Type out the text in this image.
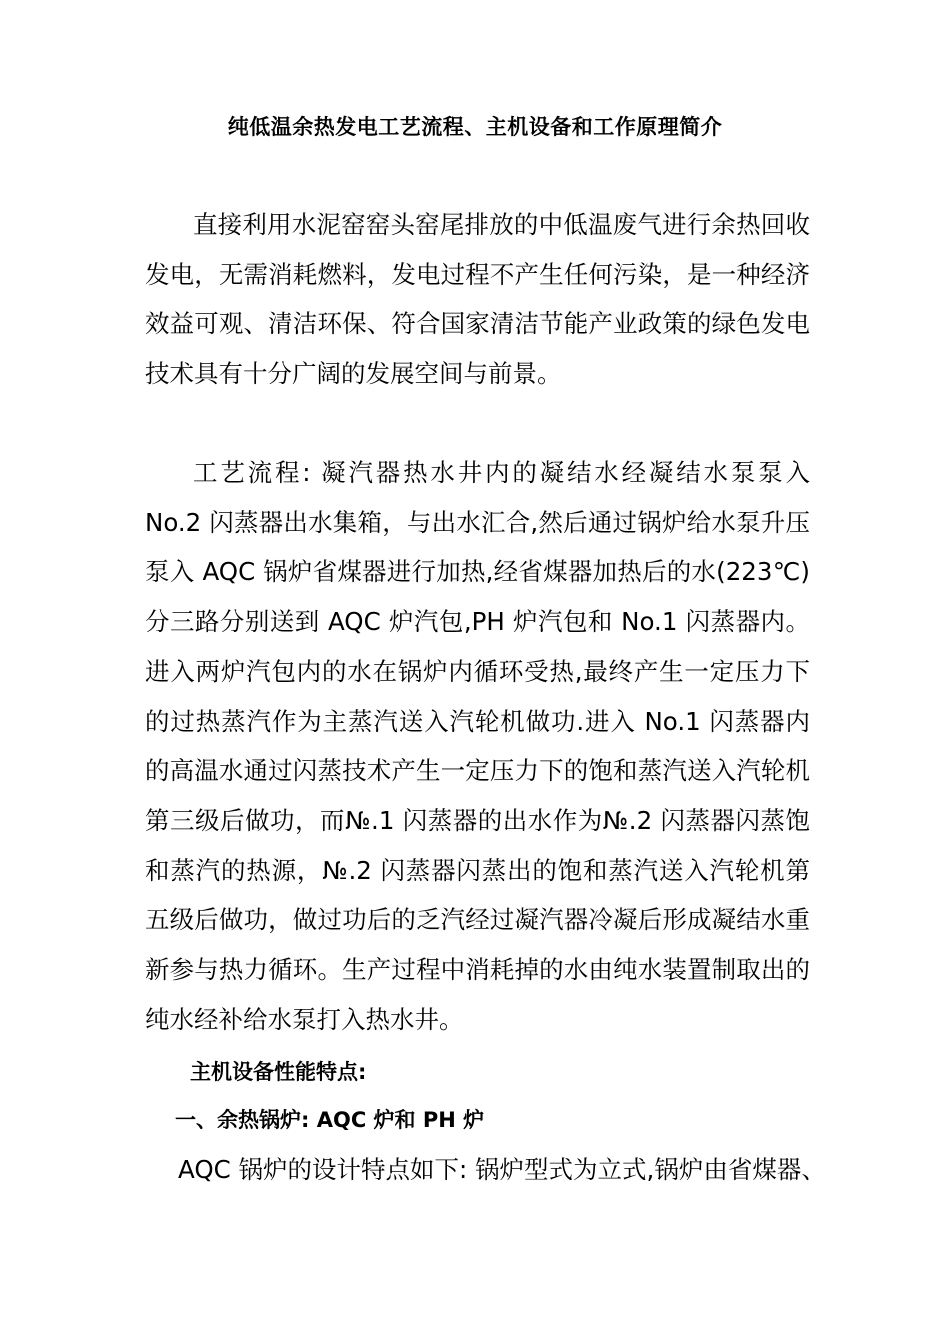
纯低温余热发电工艺流程、主机设备和工作原理简介

直接利用水泥窑窑头窑尾排放的中低温废气进行余热回收发电，无需消耗燃料，发电过程不产生任何污染，是一种经济效益可观、清洁环保、符合国家清洁节能产业政策的绿色发电技术具有十分广阔的发展空间与前景。

工艺流程: 凝汽器热水井内的凝结水经凝结水泵泵入 No.2 闪蒸器出水集箱，与出水汇合,然后通过锅炉给水泵升压泵入 AQC 锅炉省煤器进行加热,经省煤器加热后的水(223℃)分三路分别送到 AQC 炉汽包,PH 炉汽包和 No.1 闪蒸器内。进入两炉汽包内的水在锅炉内循环受热,最终产生一定压力下的过热蒸汽作为主蒸汽送入汽轮机做功.进入 No.1 闪蒸器内的高温水通过闪蒸技术产生一定压力下的饱和蒸汽送入汽轮机第三级后做功，而№.1 闪蒸器的出水作为№.2 闪蒸器闪蒸饱和蒸汽的热源，№.2 闪蒸器闪蒸出的饱和蒸汽送入汽轮机第五级后做功，做过功后的乏汽经过凝汽器冷凝后形成凝结水重新参与热力循环。生产过程中消耗掉的水由纯水装置制取出的纯水经补给水泵打入热水井。

主机设备性能特点:

一、余热锅炉: AQC 炉和 PH 炉

AQC 锅炉的设计特点如下: 锅炉型式为立式,锅炉由省煤器、
